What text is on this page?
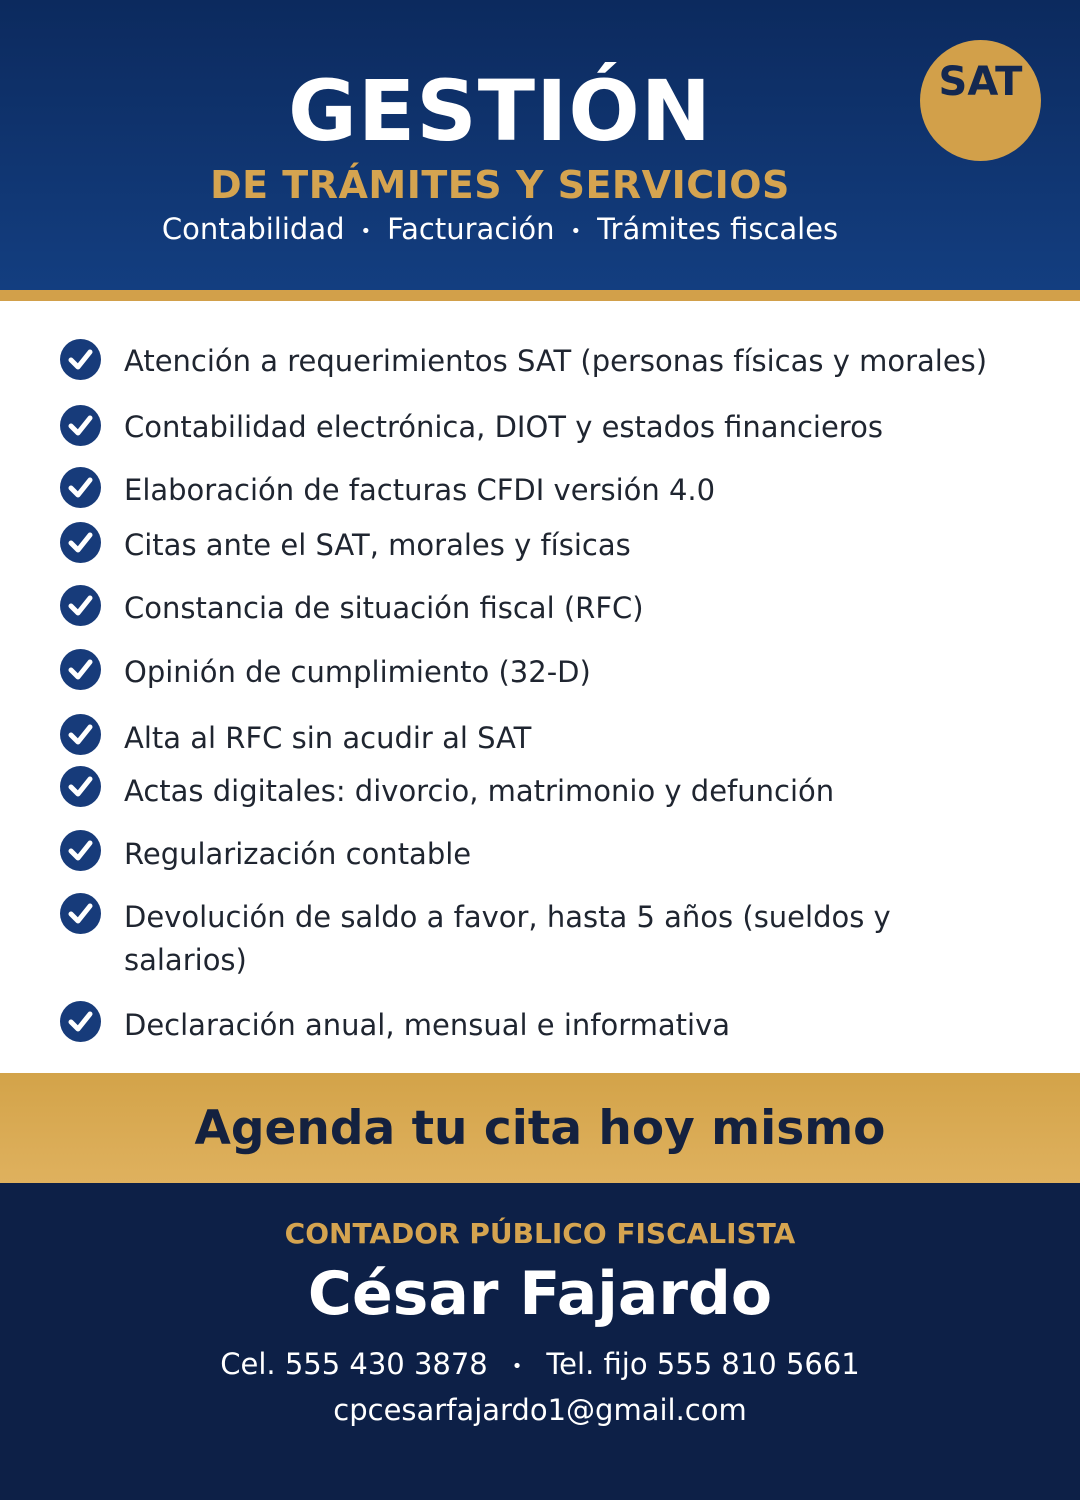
GESTIÓN
DE TRÁMITES Y SERVICIOS
Contabilidad • Facturación • Trámites fiscales
SAT
Atención a requerimientos SAT (personas físicas y morales)
Contabilidad electrónica, DIOT y estados financieros
Elaboración de facturas CFDI versión 4.0
Citas ante el SAT, morales y físicas
Constancia de situación fiscal (RFC)
Opinión de cumplimiento (32-D)
Alta al RFC sin acudir al SAT
Actas digitales: divorcio, matrimonio y defunción
Regularización contable
Devolución de saldo a favor, hasta 5 años (sueldos y salarios)
Declaración anual, mensual e informativa
Agenda tu cita hoy mismo
CONTADOR PÚBLICO FISCALISTA
César Fajardo
Cel. 555 430 3878 • Tel. fijo 555 810 5661
cpcesarfajardo1@gmail.com
